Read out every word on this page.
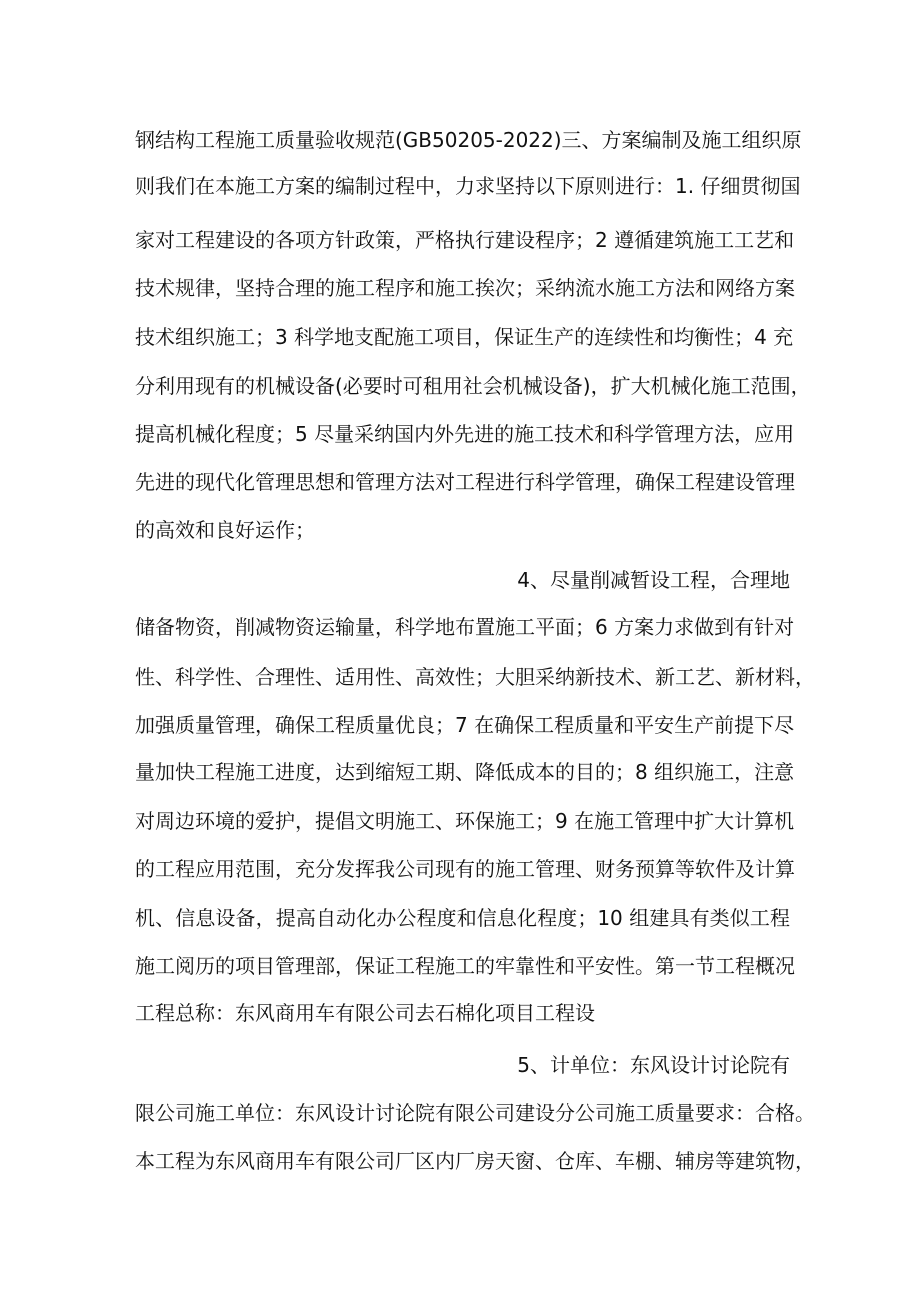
钢结构工程施工质量验收规范(GB50205-2022)三、方案编制及施工组织原
则我们在本施工方案的编制过程中，力求坚持以下原则进行：1. 仔细贯彻国
家对工程建设的各项方针政策，严格执行建设程序；2 遵循建筑施工工艺和
技术规律，坚持合理的施工程序和施工挨次；采纳流水施工方法和网络方案
技术组织施工；3 科学地支配施工项目，保证生产的连续性和均衡性；4 充
分利用现有的机械设备(必要时可租用社会机械设备)，扩大机械化施工范围，
提高机械化程度；5 尽量采纳国内外先进的施工技术和科学管理方法，应用
先进的现代化管理思想和管理方法对工程进行科学管理，确保工程建设管理
的高效和良好运作；
4、尽量削减暂设工程，合理地
储备物资，削减物资运输量，科学地布置施工平面；6 方案力求做到有针对
性、科学性、合理性、适用性、高效性；大胆采纳新技术、新工艺、新材料，
加强质量管理，确保工程质量优良；7 在确保工程质量和平安生产前提下尽
量加快工程施工进度，达到缩短工期、降低成本的目的；8 组织施工，注意
对周边环境的爱护，提倡文明施工、环保施工；9 在施工管理中扩大计算机
的工程应用范围，充分发挥我公司现有的施工管理、财务预算等软件及计算
机、信息设备，提高自动化办公程度和信息化程度；10 组建具有类似工程
施工阅历的项目管理部，保证工程施工的牢靠性和平安性。第一节工程概况
工程总称：东风商用车有限公司去石棉化项目工程设
5、计单位：东风设计讨论院有
限公司施工单位：东风设计讨论院有限公司建设分公司施工质量要求：合格。
本工程为东风商用车有限公司厂区内厂房天窗、仓库、车棚、辅房等建筑物，
